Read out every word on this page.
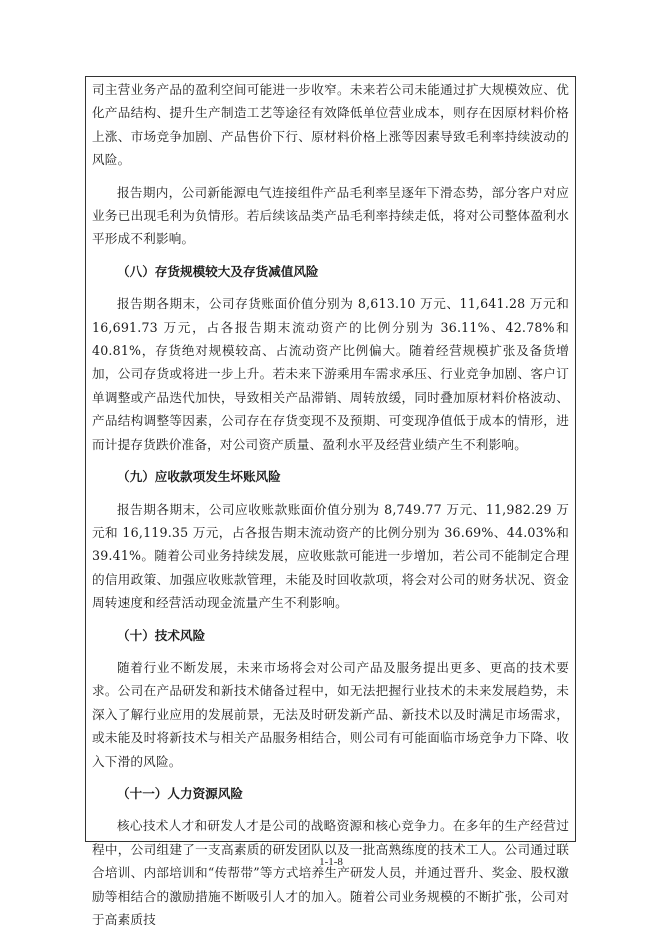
司主营业务产品的盈利空间可能进一步收窄。未来若公司未能通过扩大规模效应、优化产品结构、提升生产制造工艺等途径有效降低单位营业成本，则存在因原材料价格上涨、市场竞争加剧、产品售价下行、原材料价格上涨等因素导致毛利率持续波动的风险。

报告期内，公司新能源电气连接组件产品毛利率呈逐年下滑态势，部分客户对应业务已出现毛利为负情形。若后续该品类产品毛利率持续走低，将对公司整体盈利水平形成不利影响。

（八）存货规模较大及存货减值风险

报告期各期末，公司存货账面价值分别为 8,613.10 万元、11,641.28 万元和 16,691.73 万元，占各报告期末流动资产的比例分别为 36.11%、42.78%和 40.81%，存货绝对规模较高、占流动资产比例偏大。随着经营规模扩张及备货增加，公司存货或将进一步上升。若未来下游乘用车需求承压、行业竞争加剧、客户订单调整或产品迭代加快，导致相关产品滞销、周转放缓，同时叠加原材料价格波动、产品结构调整等因素，公司存在存货变现不及预期、可变现净值低于成本的情形，进而计提存货跌价准备，对公司资产质量、盈利水平及经营业绩产生不利影响。

（九）应收款项发生坏账风险

报告期各期末，公司应收账款账面价值分别为 8,749.77 万元、11,982.29 万元和 16,119.35 万元，占各报告期末流动资产的比例分别为 36.69%、44.03%和 39.41%。随着公司业务持续发展，应收账款可能进一步增加，若公司不能制定合理的信用政策、加强应收账款管理，未能及时回收款项，将会对公司的财务状况、资金周转速度和经营活动现金流量产生不利影响。

（十）技术风险

随着行业不断发展，未来市场将会对公司产品及服务提出更多、更高的技术要求。公司在产品研发和新技术储备过程中，如无法把握行业技术的未来发展趋势，未深入了解行业应用的发展前景，无法及时研发新产品、新技术以及时满足市场需求，或未能及时将新技术与相关产品服务相结合，则公司有可能面临市场竞争力下降、收入下滑的风险。

（十一）人力资源风险

核心技术人才和研发人才是公司的战略资源和核心竞争力。在多年的生产经营过程中，公司组建了一支高素质的研发团队以及一批高熟练度的技术工人。公司通过联合培训、内部培训和“传帮带”等方式培养生产研发人员，并通过晋升、奖金、股权激励等相结合的激励措施不断吸引人才的加入。随着公司业务规模的不断扩张，公司对于高素质技

1-1-8
